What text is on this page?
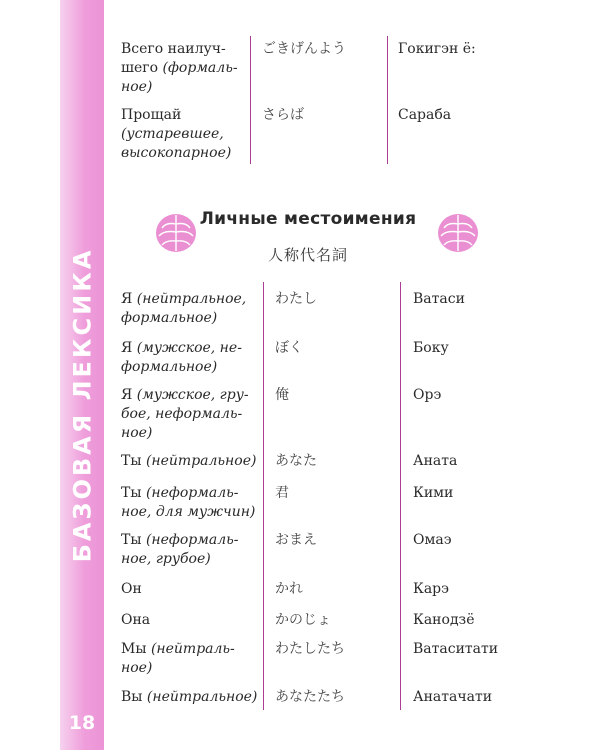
БАЗОВАЯ ЛЕКСИКА
18
Всего наилуч-
шего (формаль-
ное)
ごきげんよう	Гокигэн ё:
Прощай
(устаревшее,
высокопарное)
さらば	Сараба
Личные местоимения
人称代名詞
Я (нейтральное,
формальное)
わたし	Ватаси
Я (мужское, не-
формальное)
ぼく	Боку
Я (мужское, гру-
бое, неформаль-
ное)
俺	Орэ
Ты (нейтральное) あなた	Аната
Ты (неформаль-
ное, для мужчин)
君	Кими
Ты (неформаль-
ное, грубое)
おまえ	Омаэ
Он	かれ	Карэ
Она	かのじょ	Канодзё
Мы (нейтраль-
ное)
わたしたち	Ватаситати
Вы (нейтральное) あなたたち	Анатачати
